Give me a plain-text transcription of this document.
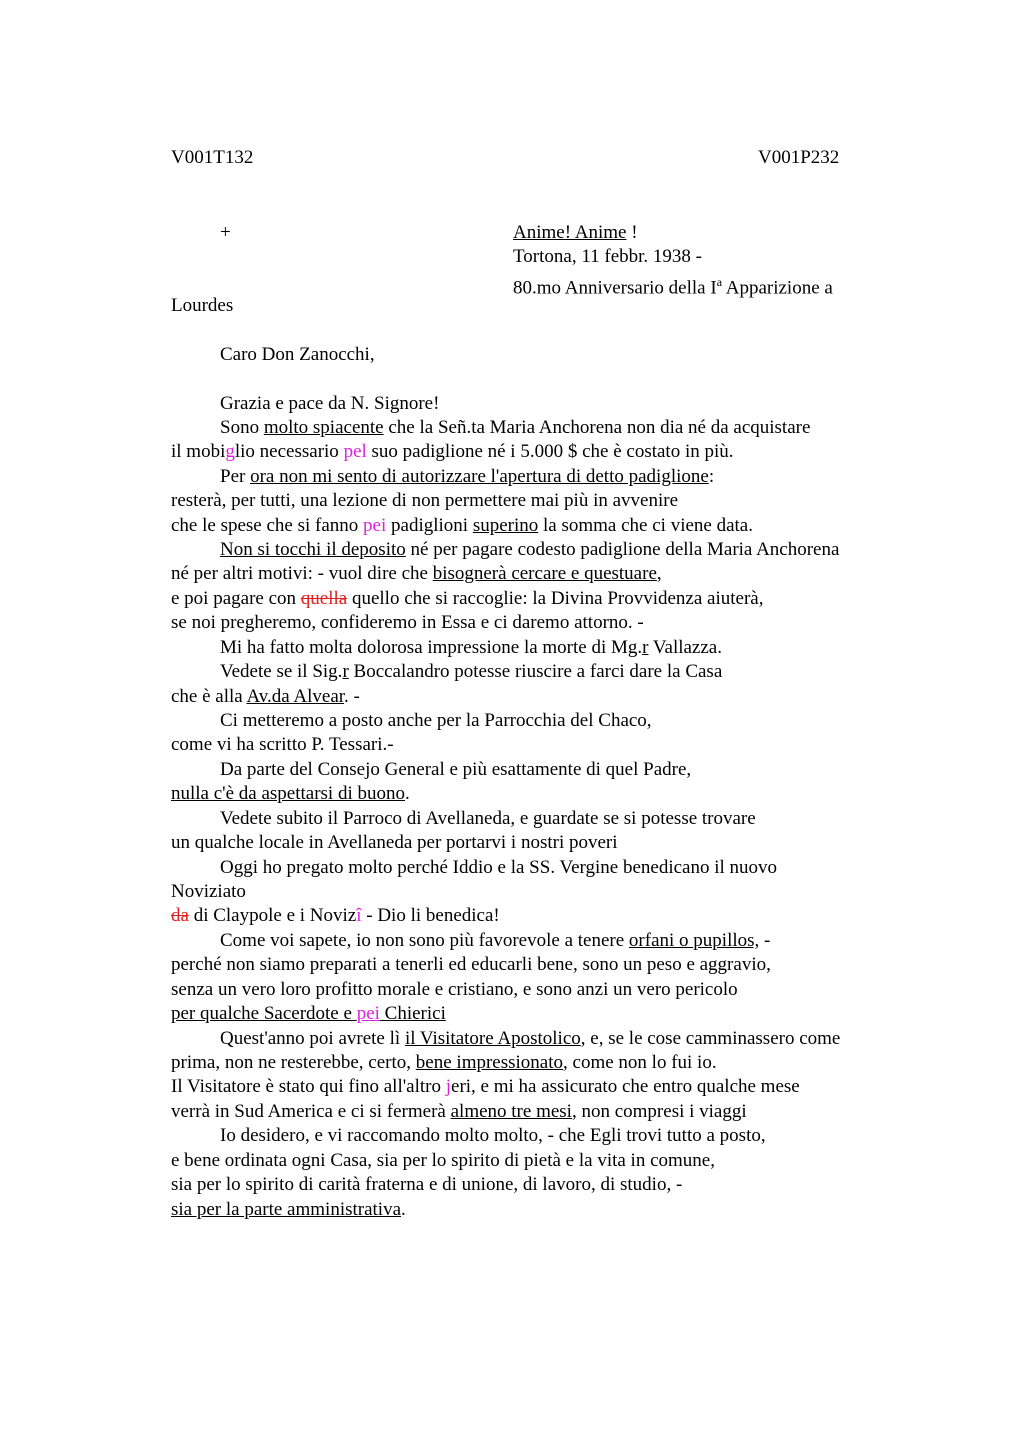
V001T132	V001P232
+	Anime! Anime !
Tortona, 11 febbr. 1938 -
80.mo Anniversario della $I^a$ Apparizione a
Lourdes
Caro Don Zanocchi,
Grazia e pace da N. Signore!
Sono molto spiacente che la Señ.ta Maria Anchorena non dia né da acquistare
il mobiglio necessario pel suo padiglione né i 5.000 $ che è costato in più.
Per ora non mi sento di autorizzare l'apertura di detto padiglione:
resterà, per tutti, una lezione di non permettere mai più in avvenire
che le spese che si fanno pei padiglioni superino la somma che ci viene data.
Non si tocchi il deposito né per pagare codesto padiglione della Maria Anchorena
né per altri motivi: - vuol dire che bisognerà cercare e questuare,
e poi pagare con quella quello che si raccoglie: la Divina Provvidenza aiuterà,
se noi pregheremo, confideremo in Essa e ci daremo attorno. -
Mi ha fatto molta dolorosa impressione la morte di Mg.r Vallazza.
Vedete se il Sig.r Boccalandro potesse riuscire a farci dare la Casa
che è alla Av.da Alvear. -
Ci metteremo a posto anche per la Parrocchia del Chaco,
come vi ha scritto P. Tessari.-
Da parte del Consejo General e più esattamente di quel Padre,
nulla c'è da aspettarsi di buono.
Vedete subito il Parroco di Avellaneda, e guardate se si potesse trovare
un qualche locale in Avellaneda per portarvi i nostri poveri
Oggi ho pregato molto perché Iddio e la SS. Vergine benedicano il nuovo
Noviziato
da di Claypole e i Novizî - Dio li benedica!
Come voi sapete, io non sono più favorevole a tenere orfani o pupillos, -
perché non siamo preparati a tenerli ed educarli bene, sono un peso e aggravio,
senza un vero loro profitto morale e cristiano, e sono anzi un vero pericolo
per qualche Sacerdote e pei Chierici
Quest'anno poi avrete lì il Visitatore Apostolico, e, se le cose camminassero come
prima, non ne resterebbe, certo, bene impressionato, come non lo fui io.
Il Visitatore è stato qui fino all'altro jeri, e mi ha assicurato che entro qualche mese
verrà in Sud America e ci si fermerà almeno tre mesi, non compresi i viaggi
Io desidero, e vi raccomando molto molto, - che Egli trovi tutto a posto,
e bene ordinata ogni Casa, sia per lo spirito di pietà e la vita in comune,
sia per lo spirito di carità fraterna e di unione, di lavoro, di studio, -
sia per la parte amministrativa.
